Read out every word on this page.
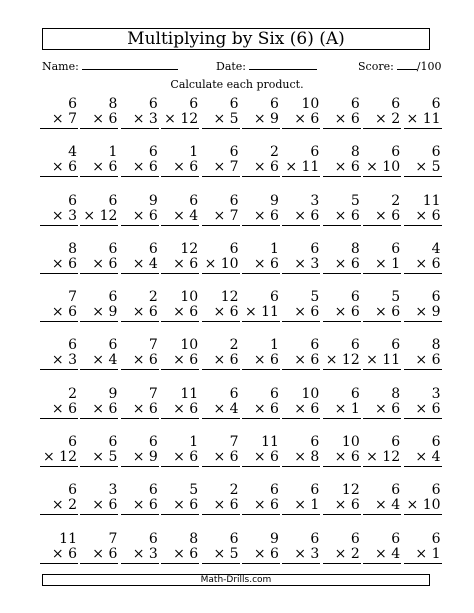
Multiplying by Six (6) (A)
Name:	Date:	Score: /100
Calculate each product.
6
× 7
8
× 6
6
× 3
6
× 12
6
× 5
6
× 9
10
× 6
6
× 6
6
× 2
6
× 11
4
× 6
1
× 6
6
× 6
1
× 6
6
× 7
2
× 6
6
× 11
8
× 6
6
× 10
6
× 5
6
× 3
6
× 12
9
× 6
6
× 4
6
× 7
9
× 6
3
× 6
5
× 6
2
× 6
11
× 6
8
× 6
6
× 6
6
× 4
12
× 6
6
× 10
1
× 6
6
× 3
8
× 6
6
× 1
4
× 6
7
× 6
6
× 9
2
× 6
10
× 6
12
× 6
6
× 11
5
× 6
6
× 6
5
× 6
6
× 9
6
× 3
6
× 4
7
× 6
10
× 6
2
× 6
1
× 6
6
× 6
6
× 12
6
× 11
8
× 6
2
× 6
9
× 6
7
× 6
11
× 6
6
× 4
6
× 6
10
× 6
6
× 1
8
× 6
3
× 6
6
× 12
6
× 5
6
× 9
1
× 6
7
× 6
11
× 6
6
× 8
10
× 6
6
× 12
6
× 4
6
× 2
3
× 6
6
× 6
5
× 6
2
× 6
6
× 6
6
× 1
12
× 6
6
× 4
6
× 10
11
× 6
7
× 6
6
× 3
8
× 6
6
× 5
9
× 6
6
× 3
6
× 2
6
× 4
6
× 1
Math-Drills.com
